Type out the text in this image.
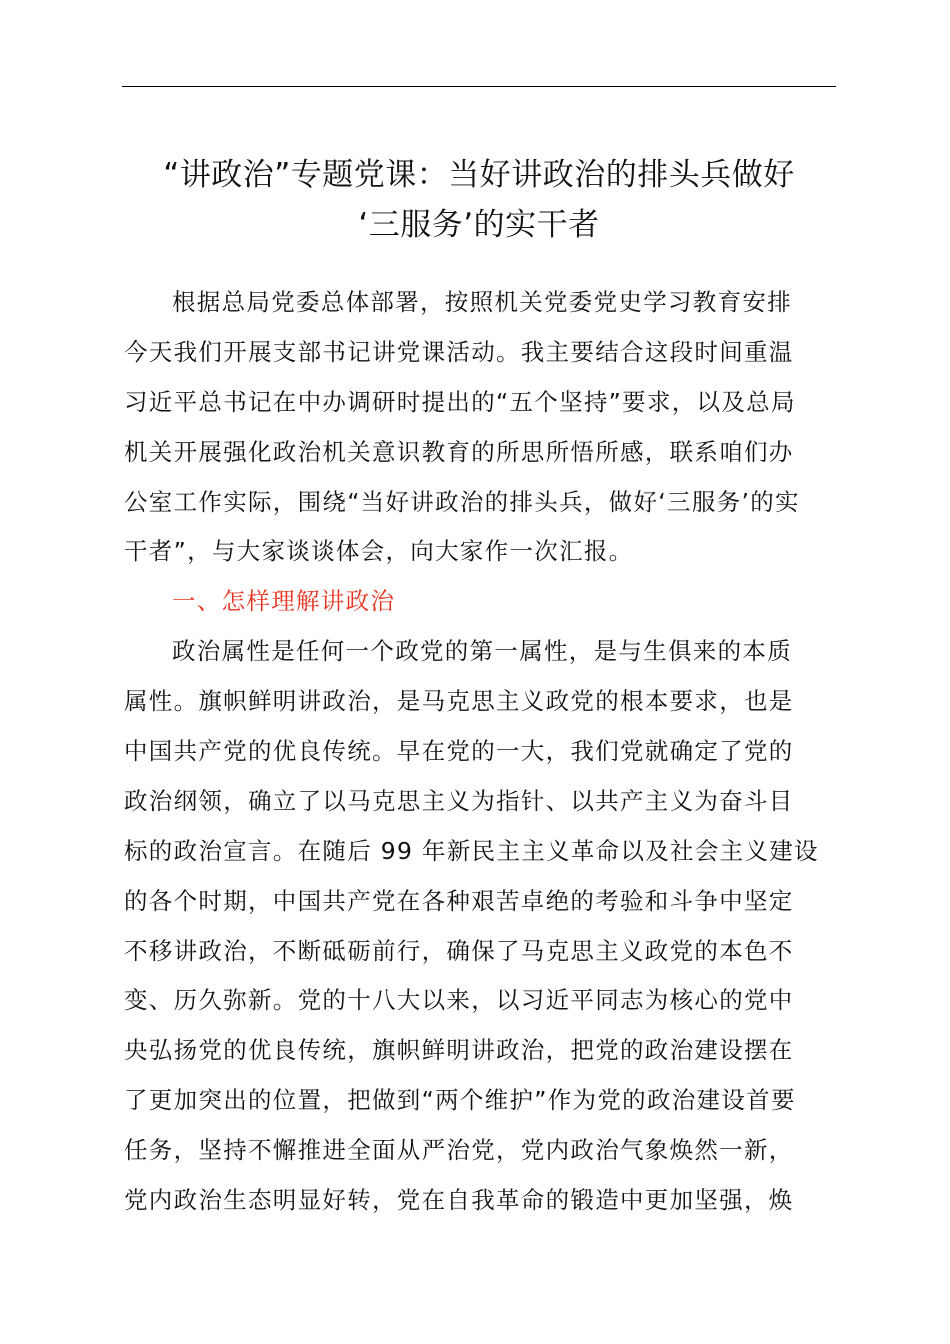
“讲政治”专题党课：当好讲政治的排头兵做好
‘三服务’的实干者
根据总局党委总体部署，按照机关党委党史学习教育安排
今天我们开展支部书记讲党课活动。我主要结合这段时间重温
习近平总书记在中办调研时提出的“五个坚持”要求，以及总局
机关开展强化政治机关意识教育的所思所悟所感，联系咱们办
公室工作实际，围绕“当好讲政治的排头兵，做好‘三服务’的实
干者”，与大家谈谈体会，向大家作一次汇报。
一、怎样理解讲政治
政治属性是任何一个政党的第一属性，是与生俱来的本质
属性。旗帜鲜明讲政治，是马克思主义政党的根本要求，也是
中国共产党的优良传统。早在党的一大，我们党就确定了党的
政治纲领，确立了以马克思主义为指针、以共产主义为奋斗目
标的政治宣言。在随后 99 年新民主主义革命以及社会主义建设
的各个时期，中国共产党在各种艰苦卓绝的考验和斗争中坚定
不移讲政治，不断砥砺前行，确保了马克思主义政党的本色不
变、历久弥新。党的十八大以来，以习近平同志为核心的党中
央弘扬党的优良传统，旗帜鲜明讲政治，把党的政治建设摆在
了更加突出的位置，把做到“两个维护”作为党的政治建设首要
任务，坚持不懈推进全面从严治党，党内政治气象焕然一新，
党内政治生态明显好转，党在自我革命的锻造中更加坚强，焕
